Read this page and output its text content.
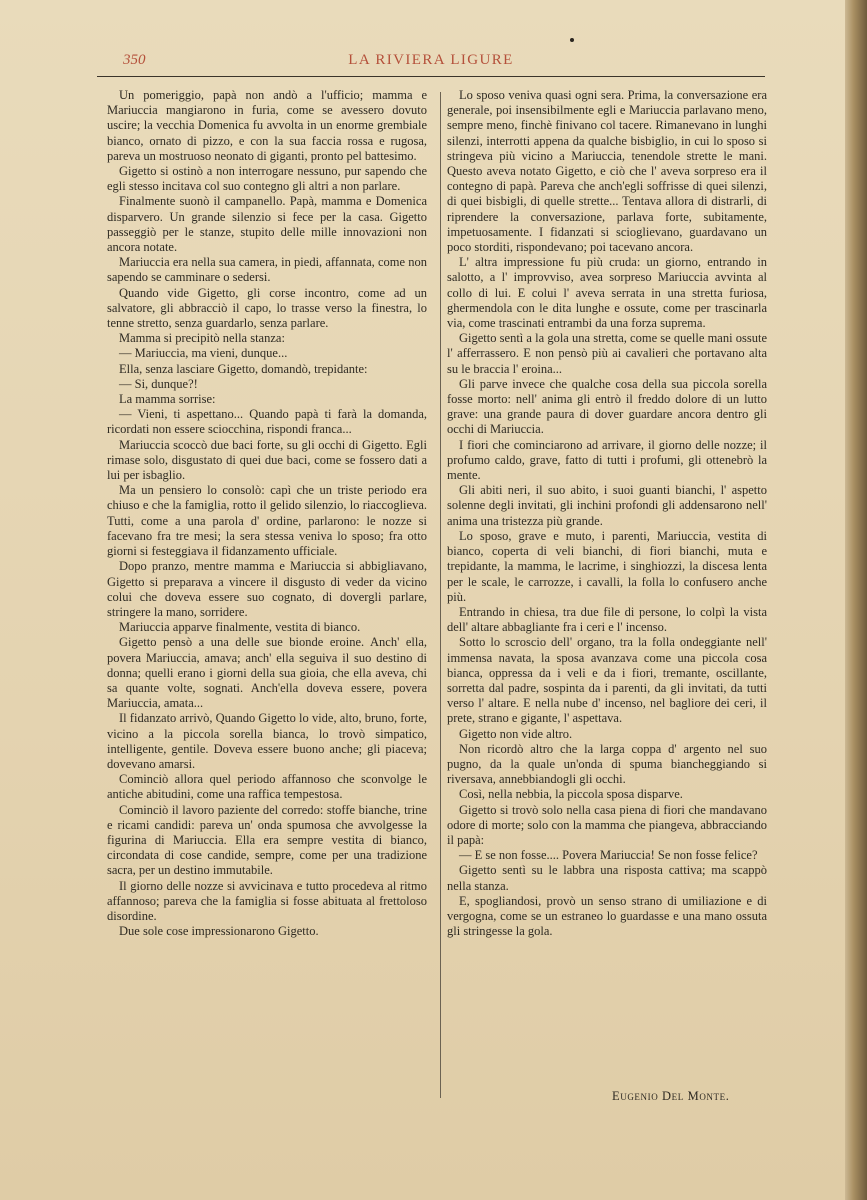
350	LA RIVIERA LIGURE

Un pomeriggio, papà non andò a l'ufficio; mamma e Mariuccia mangiarono in furia, come se avessero dovuto uscire; la vecchia Domenica fu avvolta in un enorme grembiale bianco, ornato di pizzo, e con la sua faccia rossa e rugosa, pareva un mostruoso neonato di giganti, pronto pel battesimo.

Gigetto si ostinò a non interrogare nessuno, pur sapendo che egli stesso incitava col suo contegno gli altri a non parlare.

Finalmente suonò il campanello. Papà, mamma e Domenica disparvero. Un grande silenzio si fece per la casa. Gigetto passeggiò per le stanze, stupito delle mille innovazioni non ancora notate.

Mariuccia era nella sua camera, in piedi, affannata, come non sapendo se camminare o sedersi.

Quando vide Gigetto, gli corse incontro, come ad un salvatore, gli abbracciò il capo, lo trasse verso la finestra, lo tenne stretto, senza guardarlo, senza parlare.

Mamma si precipitò nella stanza:

— Mariuccia, ma vieni, dunque...

Ella, senza lasciare Gigetto, domandò, trepidante:

— Si, dunque?!

La mamma sorrise:

— Vieni, ti aspettano... Quando papà ti farà la domanda, ricordati non essere sciocchina, rispondi franca...

Mariuccia scoccò due baci forte, su gli occhi di Gigetto. Egli rimase solo, disgustato di quei due baci, come se fossero dati a lui per isbaglio.

Ma un pensiero lo consolò: capì che un triste periodo era chiuso e che la famiglia, rotto il gelido silenzio, lo riaccoglieva. Tutti, come a una parola d' ordine, parlarono: le nozze si facevano fra tre mesi; la sera stessa veniva lo sposo; fra otto giorni si festeggiava il fidanzamento ufficiale.

Dopo pranzo, mentre mamma e Mariuccia si abbigliavano, Gigetto si preparava a vincere il disgusto di veder da vicino colui che doveva essere suo cognato, di dovergli parlare, stringere la mano, sorridere.

Mariuccia apparve finalmente, vestita di bianco.

Gigetto pensò a una delle sue bionde eroine. Anch' ella, povera Mariuccia, amava; anch' ella seguiva il suo destino di donna; quelli erano i giorni della sua gioia, che ella aveva, chi sa quante volte, sognati. Anch'ella doveva essere, povera Mariuccia, amata...

Il fidanzato arrivò, Quando Gigetto lo vide, alto, bruno, forte, vicino a la piccola sorella bianca, lo trovò simpatico, intelligente, gentile. Doveva essere buono anche; gli piaceva; dovevano amarsi.

Cominciò allora quel periodo affannoso che sconvolge le antiche abitudini, come una raffica tempestosa.

Cominciò il lavoro paziente del corredo: stoffe bianche, trine e ricami candidi: pareva un' onda spumosa che avvolgesse la figurina di Mariuccia. Ella era sempre vestita di bianco, circondata di cose candide, sempre, come per una tradizione sacra, per un destino immutabile.

Il giorno delle nozze si avvicinava e tutto procedeva al ritmo affannoso; pareva che la famiglia si fosse abituata al frettoloso disordine.

Due sole cose impressionarono Gigetto.

Lo sposo veniva quasi ogni sera. Prima, la conversazione era generale, poi insensibilmente egli e Mariuccia parlavano meno, sempre meno, finchè finivano col tacere. Rimanevano in lunghi silenzi, interrotti appena da qualche bisbiglio, in cui lo sposo si stringeva più vicino a Mariuccia, tenendole strette le mani. Questo aveva notato Gigetto, e ciò che l' aveva sorpreso era il contegno di papà. Pareva che anch'egli soffrisse di quei silenzi, di quei bisbigli, di quelle strette... Tentava allora di distrarli, di riprendere la conversazione, parlava forte, subitamente, impetuosamente. I fidanzati si scioglievano, guardavano un poco storditi, rispondevano; poi tacevano ancora.

L' altra impressione fu più cruda: un giorno, entrando in salotto, a l' improvviso, avea sorpreso Mariuccia avvinta al collo di lui. E colui l' aveva serrata in una stretta furiosa, ghermendola con le dita lunghe e ossute, come per trascinarla via, come trascinati entrambi da una forza suprema.

Gigetto sentì a la gola una stretta, come se quelle mani ossute l' afferrassero. E non pensò più ai cavalieri che portavano alta su le braccia l' eroina...

Gli parve invece che qualche cosa della sua piccola sorella fosse morto: nell' anima gli entrò il freddo dolore di un lutto grave: una grande paura di dover guardare ancora dentro gli occhi di Mariuccia.

I fiori che cominciarono ad arrivare, il giorno delle nozze; il profumo caldo, grave, fatto di tutti i profumi, gli ottenebrò la mente.

Gli abiti neri, il suo abito, i suoi guanti bianchi, l' aspetto solenne degli invitati, gli inchini profondi gli addensarono nell' anima una tristezza più grande.

Lo sposo, grave e muto, i parenti, Mariuccia, vestita di bianco, coperta di veli bianchi, di fiori bianchi, muta e trepidante, la mamma, le lacrime, i singhiozzi, la discesa lenta per le scale, le carrozze, i cavalli, la folla lo confusero anche più.

Entrando in chiesa, tra due file di persone, lo colpì la vista dell' altare abbagliante fra i ceri e l' incenso.

Sotto lo scroscio dell' organo, tra la folla ondeggiante nell' immensa navata, la sposa avanzava come una piccola cosa bianca, oppressa da i veli e da i fiori, tremante, oscillante, sorretta dal padre, sospinta da i parenti, da gli invitati, da tutti verso l' altare. E nella nube d' incenso, nel bagliore dei ceri, il prete, strano e gigante, l' aspettava.

Gigetto non vide altro.

Non ricordò altro che la larga coppa d' argento nel suo pugno, da la quale un'onda di spuma biancheggiando si riversava, annebbiandogli gli occhi.

Così, nella nebbia, la piccola sposa disparve.

Gigetto si trovò solo nella casa piena di fiori che mandavano odore di morte; solo con la mamma che piangeva, abbracciando il papà:

— E se non fosse.... Povera Mariuccia! Se non fosse felice?

Gigetto sentì su le labbra una risposta cattiva; ma scappò nella stanza.

E, spogliandosi, provò un senso strano di umiliazione e di vergogna, come se un estraneo lo guardasse e una mano ossuta gli stringesse la gola.

Eugenio Del Monte.
